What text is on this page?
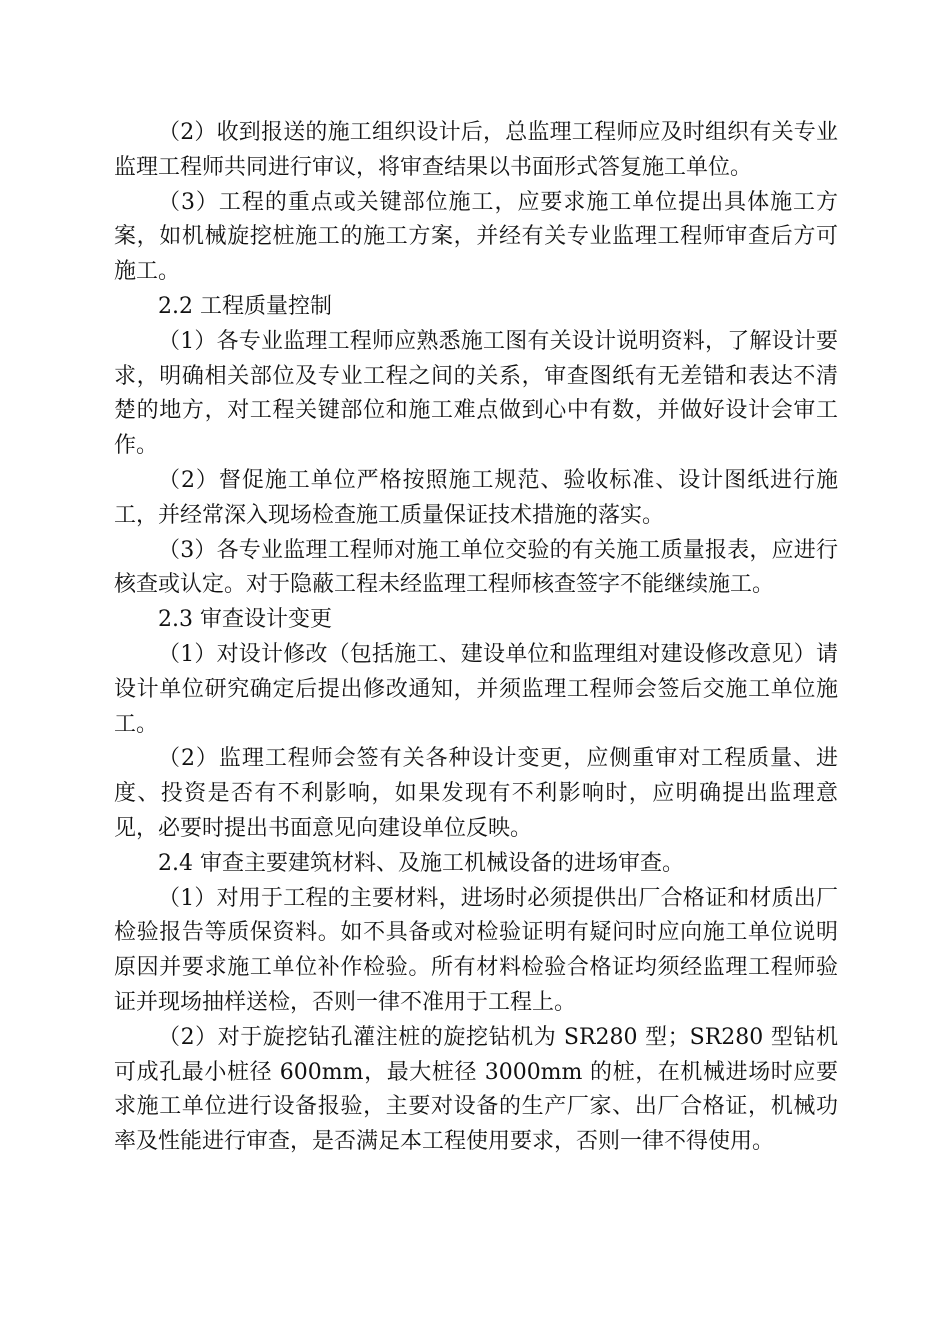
（2）收到报送的施工组织设计后，总监理工程师应及时组织有关专业监理工程师共同进行审议，将审查结果以书面形式答复施工单位。

（3）工程的重点或关键部位施工，应要求施工单位提出具体施工方案，如机械旋挖桩施工的施工方案，并经有关专业监理工程师审查后方可施工。

2.2 工程质量控制

（1）各专业监理工程师应熟悉施工图有关设计说明资料，了解设计要求，明确相关部位及专业工程之间的关系，审查图纸有无差错和表达不清楚的地方，对工程关键部位和施工难点做到心中有数，并做好设计会审工作。

（2）督促施工单位严格按照施工规范、验收标准、设计图纸进行施工，并经常深入现场检查施工质量保证技术措施的落实。

（3）各专业监理工程师对施工单位交验的有关施工质量报表，应进行核查或认定。对于隐蔽工程未经监理工程师核查签字不能继续施工。

2.3 审查设计变更

（1）对设计修改（包括施工、建设单位和监理组对建设修改意见）请设计单位研究确定后提出修改通知，并须监理工程师会签后交施工单位施工。

（2）监理工程师会签有关各种设计变更，应侧重审对工程质量、进度、投资是否有不利影响，如果发现有不利影响时，应明确提出监理意见，必要时提出书面意见向建设单位反映。

2.4 审查主要建筑材料、及施工机械设备的进场审查。

（1）对用于工程的主要材料，进场时必须提供出厂合格证和材质出厂检验报告等质保资料。如不具备或对检验证明有疑问时应向施工单位说明原因并要求施工单位补作检验。所有材料检验合格证均须经监理工程师验证并现场抽样送检，否则一律不准用于工程上。

（2）对于旋挖钻孔灌注桩的旋挖钻机为 SR280 型；SR280 型钻机可成孔最小桩径 600mm，最大桩径 3000mm 的桩，在机械进场时应要求施工单位进行设备报验，主要对设备的生产厂家、出厂合格证，机械功率及性能进行审查，是否满足本工程使用要求，否则一律不得使用。
